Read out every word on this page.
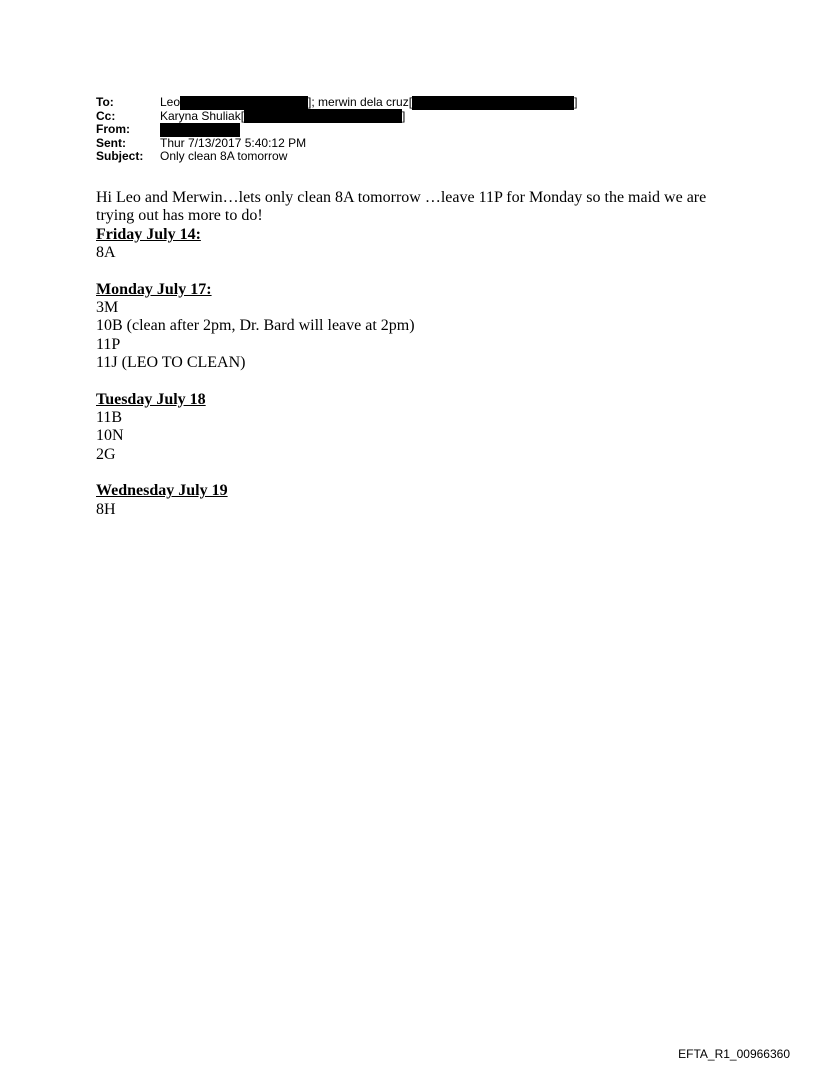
To:	Leo	]; merwin dela cruz[	]
Cc:	Karyna Shuliak[	]
From:
Sent:	Thur 7/13/2017 5:40:12 PM
Subject:	Only clean 8A tomorrow

Hi Leo and Merwin…lets only clean 8A tomorrow …leave 11P for Monday so the maid we are trying out has more to do!

Friday July 14:
8A
Monday July 17:
3M
10B (clean after 2pm, Dr. Bard will leave at 2pm)
11P
11J (LEO TO CLEAN)
Tuesday July 18
11B
10N
2G
Wednesday July 19
8H
EFTA_R1_00966360
